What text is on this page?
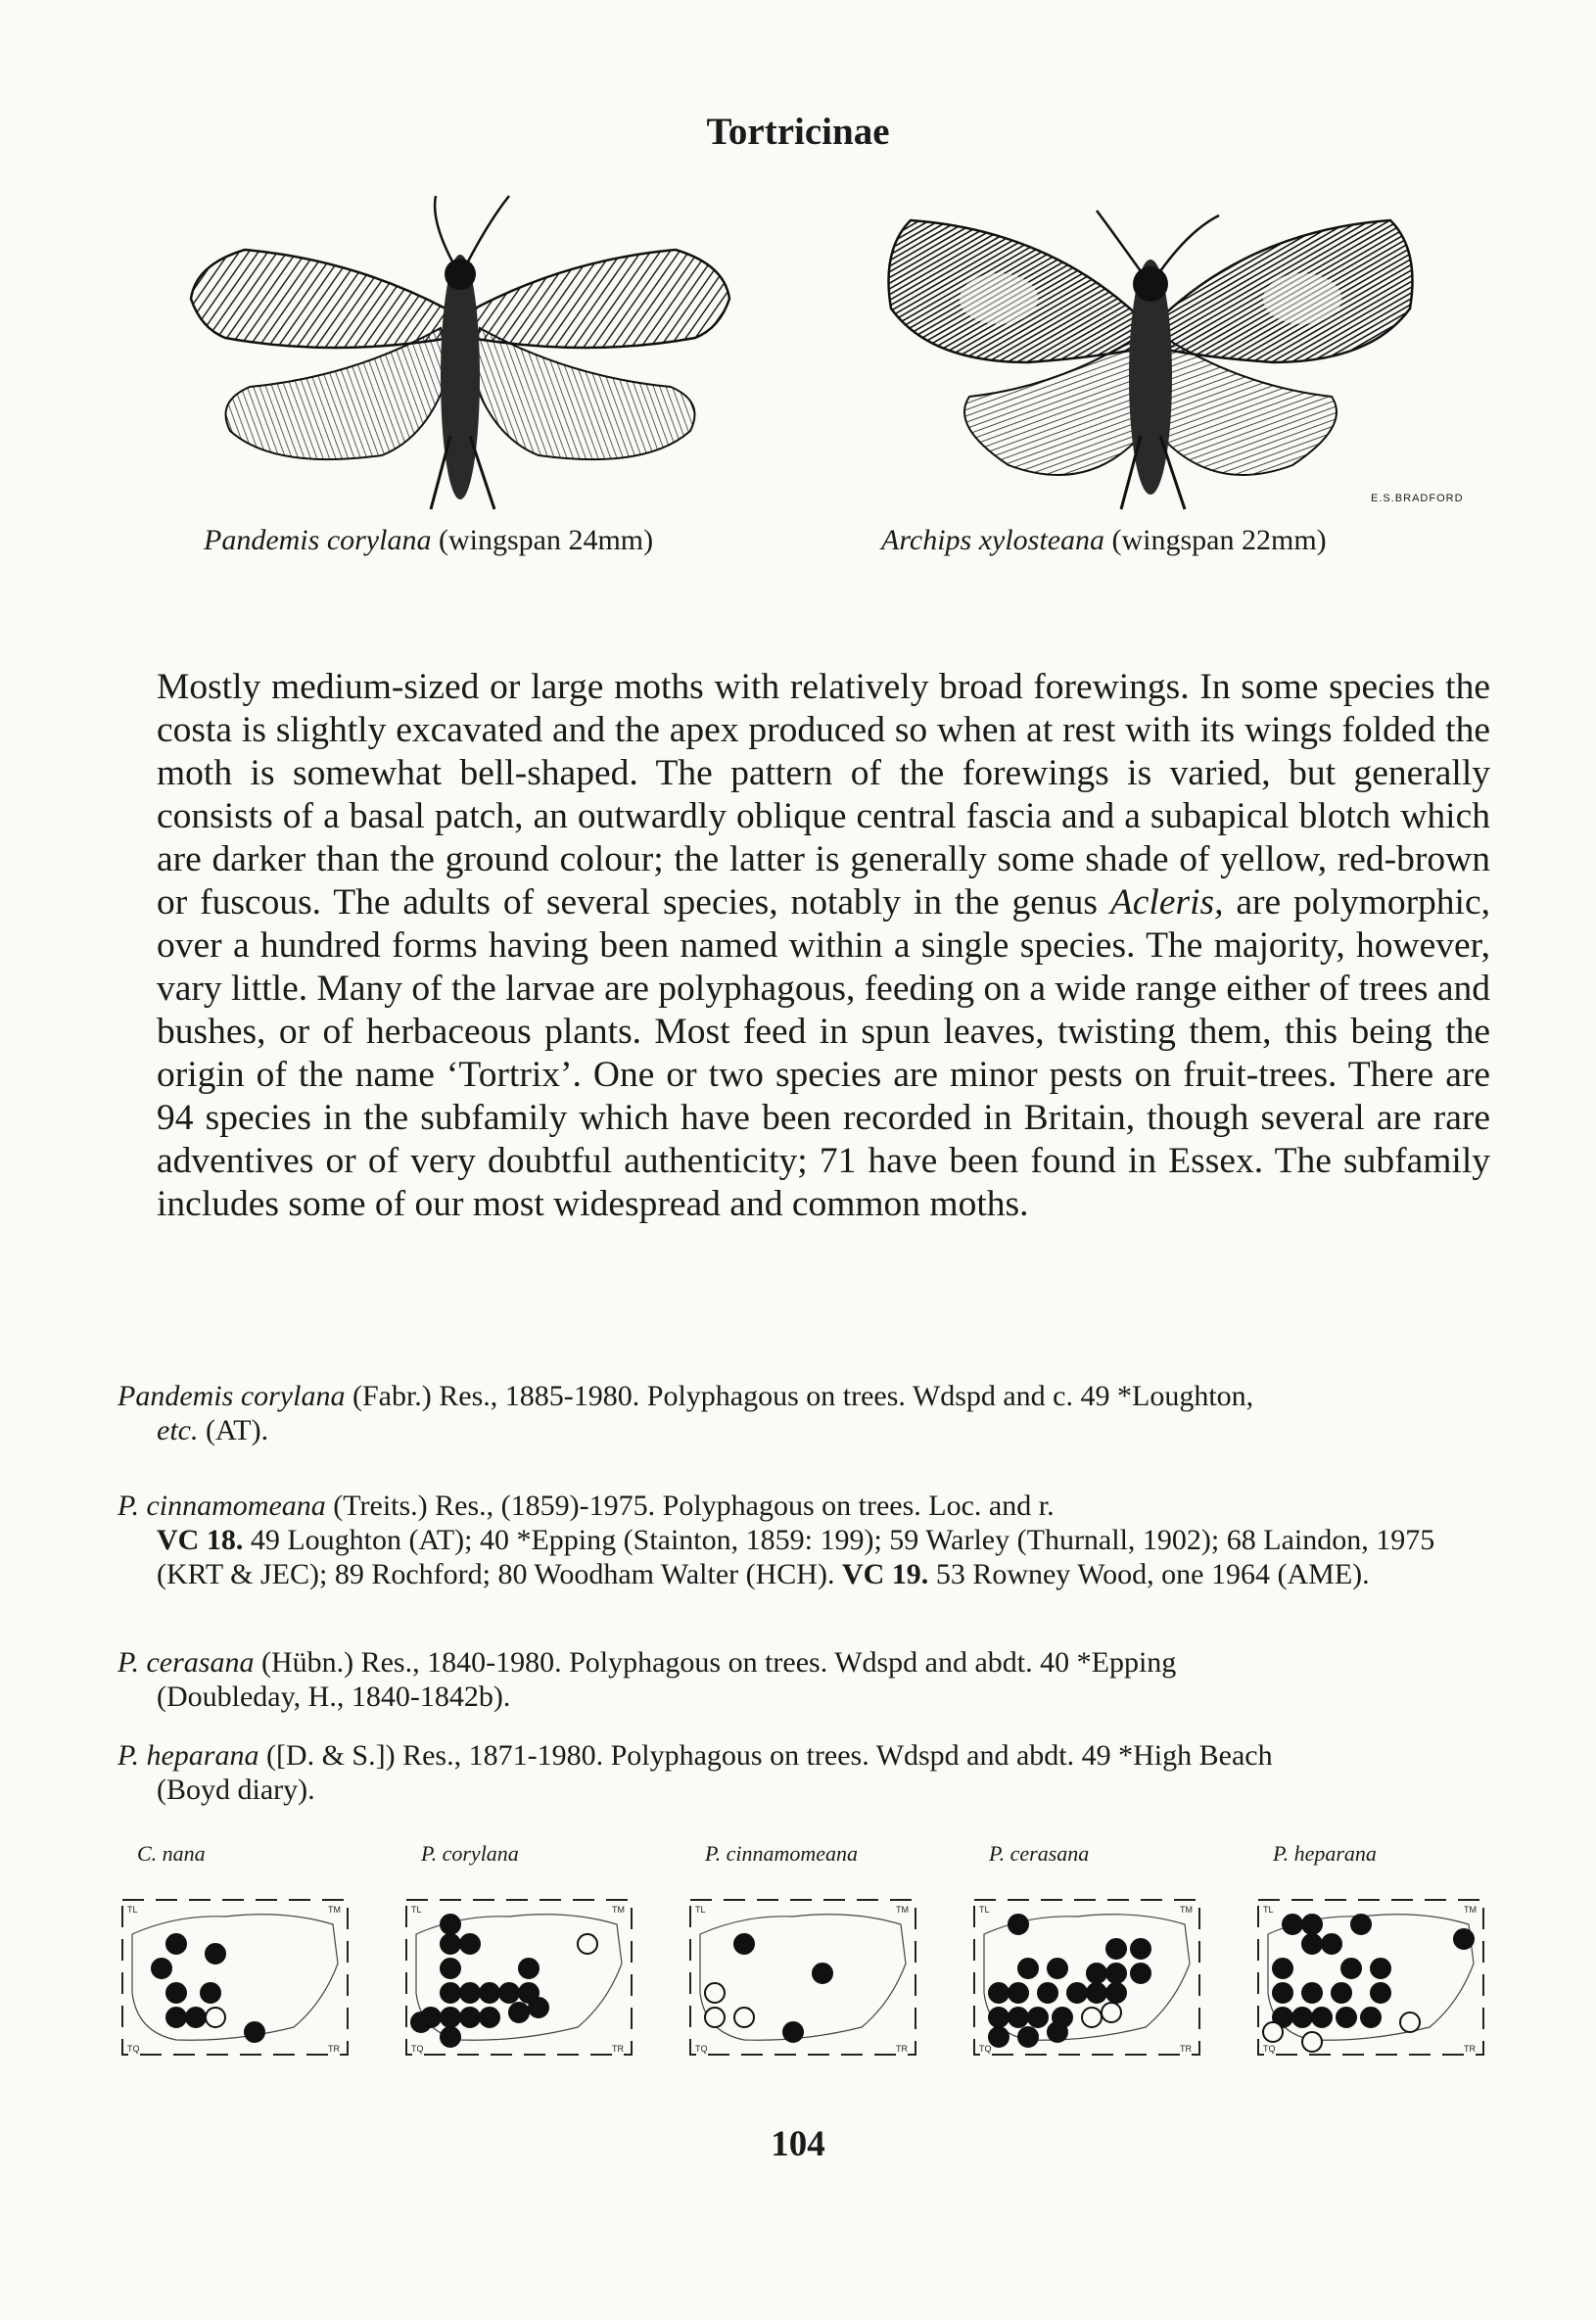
Tortricinae
Pandemis corylana (wingspan 24mm)
E.S.BRADFORD
Archips xylosteana (wingspan 22mm)

Mostly medium-sized or large moths with relatively broad forewings. In some species the costa is slightly excavated and the apex produced so when at rest with its wings folded the moth is somewhat bell-shaped. The pattern of the forewings is varied, but generally consists of a basal patch, an outwardly oblique central fascia and a subapical blotch which are darker than the ground colour; the latter is generally some shade of yellow, red-brown or fuscous. The adults of several species, notably in the genus Acleris, are polymorphic, over a hundred forms having been named within a single species. The majority, however, vary little. Many of the larvae are polyphagous, feeding on a wide range either of trees and bushes, or of herbaceous plants. Most feed in spun leaves, twisting them, this being the origin of the name ‘Tortrix’. One or two species are minor pests on fruit-trees. There are 94 species in the subfamily which have been recorded in Britain, though several are rare adventives or of very doubtful authenticity; 71 have been found in Essex. The subfamily includes some of our most widespread and common moths.

Pandemis corylana (Fabr.) Res., 1885-1980. Polyphagous on trees. Wdspd and c. 49 *Loughton,
etc. (AT).

P. cinnamomeana (Treits.) Res., (1859)-1975. Polyphagous on trees. Loc. and r.
VC 18. 49 Loughton (AT); 40 *Epping (Stainton, 1859: 199); 59 Warley (Thurnall, 1902); 68 Laindon, 1975 (KRT & JEC); 89 Rochford; 80 Woodham Walter (HCH). VC 19. 53 Rowney Wood, one 1964 (AME).

P. cerasana (Hübn.) Res., 1840-1980. Polyphagous on trees. Wdspd and abdt. 40 *Epping
(Doubleday, H., 1840-1842b).

P. heparana ([D. & S.]) Res., 1871-1980. Polyphagous on trees. Wdspd and abdt. 49 *High Beach
(Boyd diary).

C. nana
TL	TM
TQ	TR
P. corylana
TL	TM
TQ	TR
P. cinnamomeana
TL	TM
TQ	TR
P. cerasana
TL	TM
TQ	TR
P. heparana
TL	TM
TQ	TR
104
